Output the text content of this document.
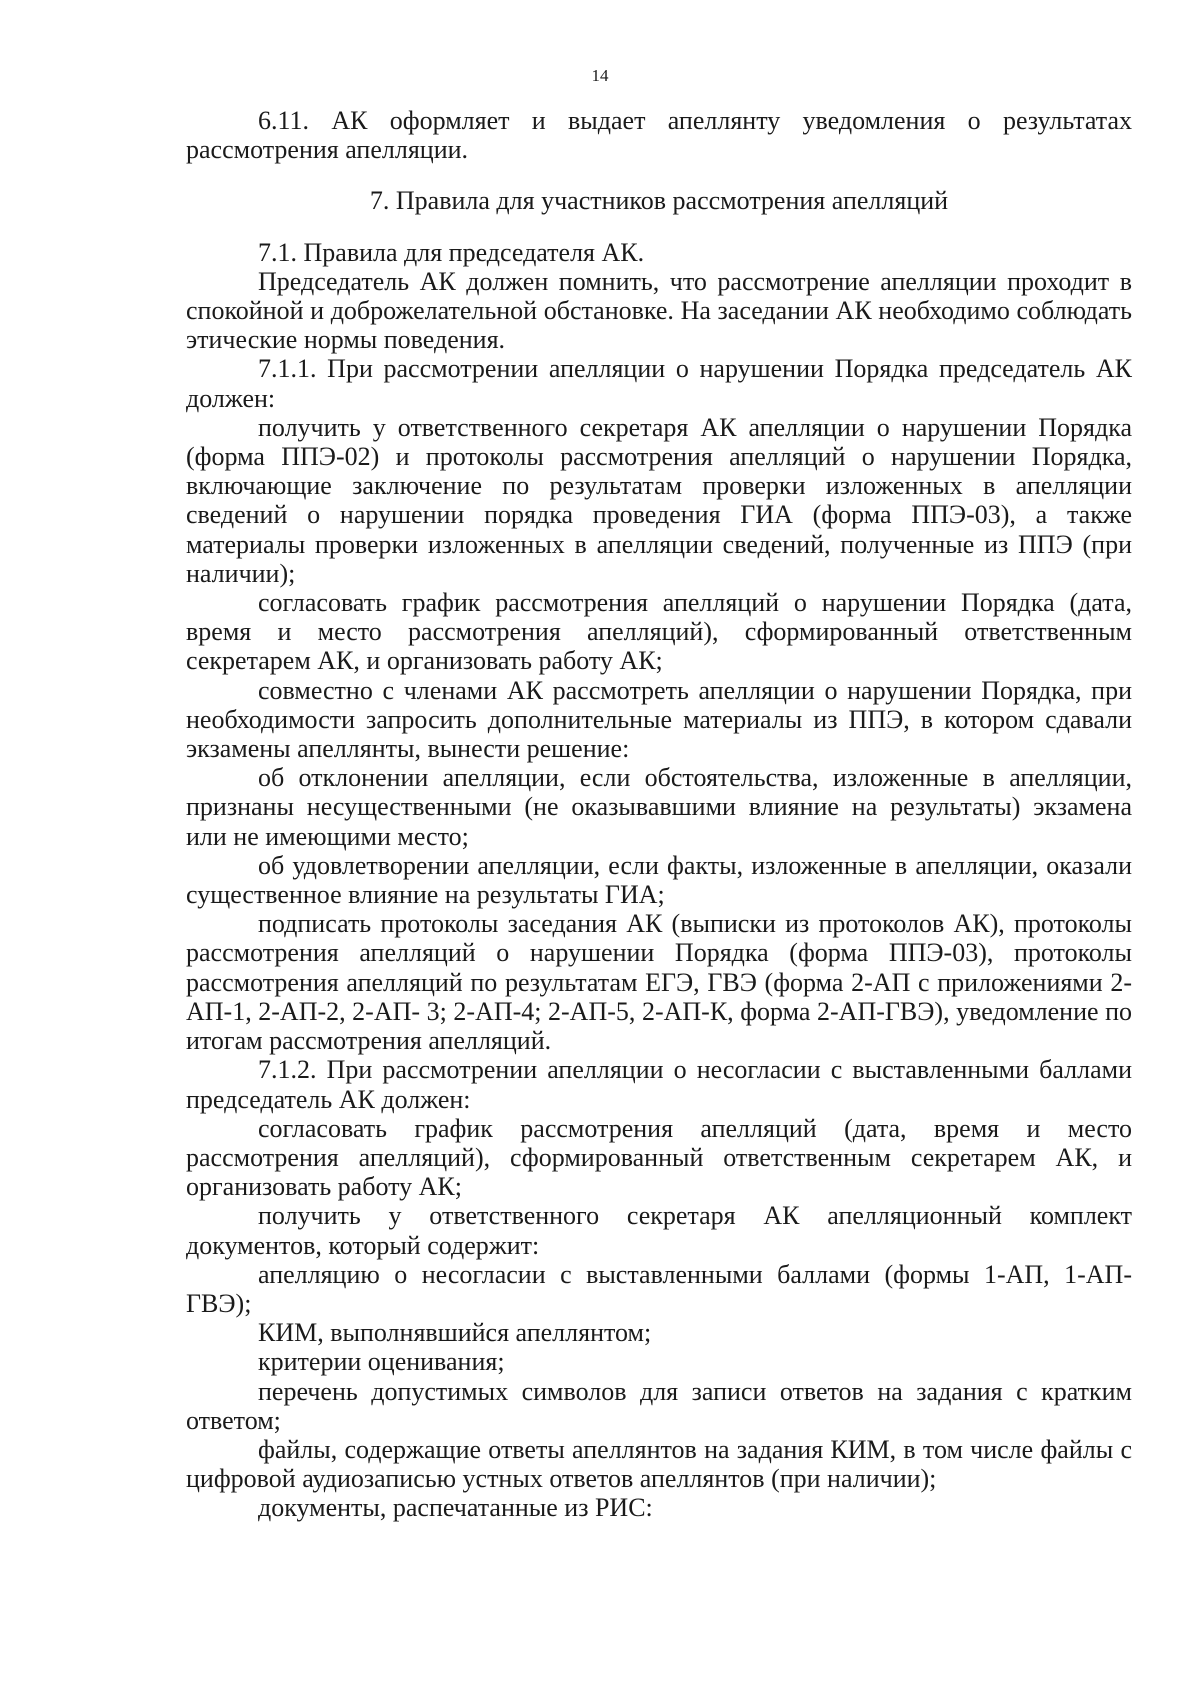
14

6.11. АК оформляет и выдает апеллянту уведомления о результатах рассмотрения апелляции.

7. Правила для участников рассмотрения апелляций

7.1. Правила для председателя АК.

Председатель АК должен помнить, что рассмотрение апелляции проходит в спокойной и доброжелательной обстановке. На заседании АК необходимо соблюдать этические нормы поведения.

7.1.1. При рассмотрении апелляции о нарушении Порядка председатель АК должен:

получить у ответственного секретаря АК апелляции о нарушении Порядка (форма ППЭ-02) и протоколы рассмотрения апелляций о нарушении Порядка, включающие заключение по результатам проверки изложенных в апелляции сведений о нарушении порядка проведения ГИА (форма ППЭ-03), а также материалы проверки изложенных в апелляции сведений, полученные из ППЭ (при наличии);

согласовать график рассмотрения апелляций о нарушении Порядка (дата, время и место рассмотрения апелляций), сформированный ответственным секретарем АК, и организовать работу АК;

совместно с членами АК рассмотреть апелляции о нарушении Порядка, при необходимости запросить дополнительные материалы из ППЭ, в котором сдавали экзамены апеллянты, вынести решение:

об отклонении апелляции, если обстоятельства, изложенные в апелляции, признаны несущественными (не оказывавшими влияние на результаты) экзамена или не имеющими место;

об удовлетворении апелляции, если факты, изложенные в апелляции, оказали существенное влияние на результаты ГИА;

подписать протоколы заседания АК (выписки из протоколов АК), протоколы рассмотрения апелляций о нарушении Порядка (форма ППЭ-03), протоколы рассмотрения апелляций по результатам ЕГЭ, ГВЭ (форма 2-АП с приложениями 2-АП-1, 2-АП-2, 2-АП- 3; 2-АП-4; 2-АП-5, 2-АП-К, форма 2-АП-ГВЭ), уведомление по итогам рассмотрения апелляций.

7.1.2. При рассмотрении апелляции о несогласии с выставленными баллами председатель АК должен:

согласовать график рассмотрения апелляций (дата, время и место рассмотрения апелляций), сформированный ответственным секретарем АК, и организовать работу АК;

получить у ответственного секретаря АК апелляционный комплект документов, который содержит:

апелляцию о несогласии с выставленными баллами (формы 1-АП, 1-АП-ГВЭ);

КИМ, выполнявшийся апеллянтом;

критерии оценивания;

перечень допустимых символов для записи ответов на задания с кратким ответом;

файлы, содержащие ответы апеллянтов на задания КИМ, в том числе файлы с цифровой аудиозаписью устных ответов апеллянтов (при наличии);

документы, распечатанные из РИС:
